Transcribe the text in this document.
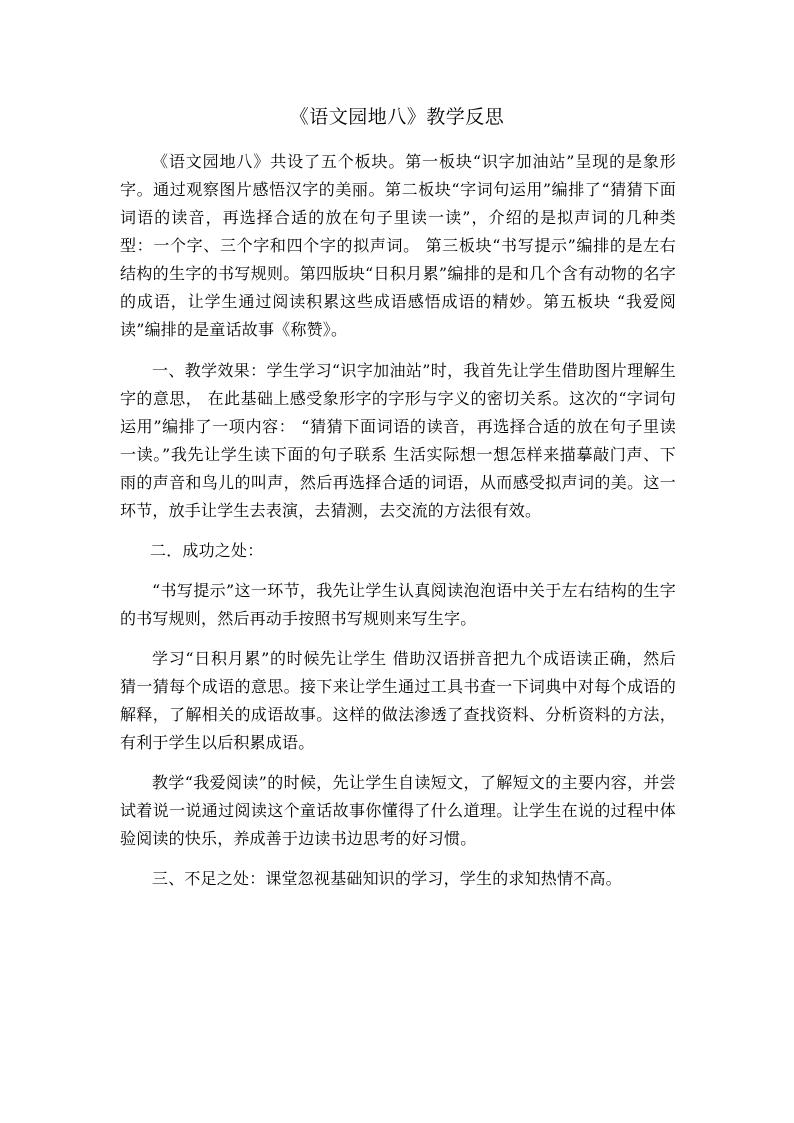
《语文园地八》教学反思

《语文园地八》共设了五个板块。第一板块“识字加油站”呈现的是象形字。通过观察图片感悟汉字的美丽。第二板块“字词句运用”编排了“猜猜下面词语的读音，再选择合适的放在句子里读一读”，介绍的是拟声词的几种类型：一个字、三个字和四个字的拟声词。 第三板块“书写提示”编排的是左右结构的生字的书写规则。第四版块“日积月累”编排的是和几个含有动物的名字的成语，让学生通过阅读积累这些成语感悟成语的精妙。第五板块 “我爱阅读”编排的是童话故事《称赞》。

一、教学效果：学生学习“识字加油站”时，我首先让学生借助图片理解生字的意思， 在此基础上感受象形字的字形与字义的密切关系。这次的“字词句运用”编排了一项内容： “猜猜下面词语的读音，再选择合适的放在句子里读一读。”我先让学生读下面的句子联系 生活实际想一想怎样来描摹敲门声、下雨的声音和鸟儿的叫声，然后再选择合适的词语，从而感受拟声词的美。这一环节，放手让学生去表演，去猜测，去交流的方法很有效。

二．成功之处：

“书写提示”这一环节，我先让学生认真阅读泡泡语中关于左右结构的生字的书写规则，然后再动手按照书写规则来写生字。

学习“日积月累”的时候先让学生 借助汉语拼音把九个成语读正确，然后猜一猜每个成语的意思。接下来让学生通过工具书查一下词典中对每个成语的解释，了解相关的成语故事。这样的做法渗透了查找资料、分析资料的方法，有利于学生以后积累成语。

教学“我爱阅读”的时候，先让学生自读短文，了解短文的主要内容，并尝试着说一说通过阅读这个童话故事你懂得了什么道理。让学生在说的过程中体验阅读的快乐，养成善于边读书边思考的好习惯。

三、不足之处：课堂忽视基础知识的学习，学生的求知热情不高。
